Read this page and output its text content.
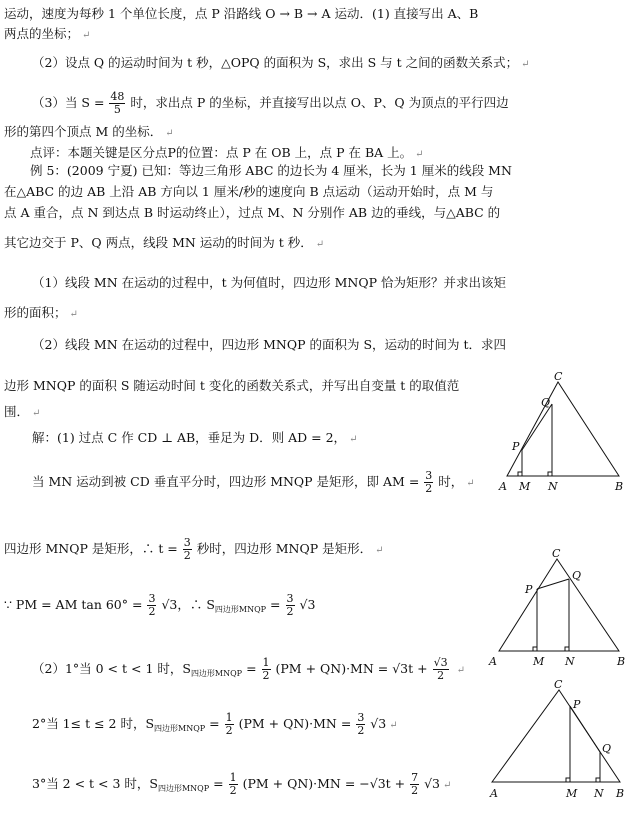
运动，速度为每秒 1 个单位长度，点 P 沿路线 O → B → A 运动．(1) 直接写出 A、B
两点的坐标； ↵
（2）设点 Q 的运动时间为 t 秒，△OPQ 的面积为 S，求出 S 与 t 之间的函数关系式； ↵
（3）当 $S = \frac{48}{5}$ 时，求出点 P 的坐标，并直接写出以点 O、P、Q 为顶点的平行四边
形的第四个顶点 M 的坐标． ↵
点评：本题关键是区分点P的位置：点 P 在 OB 上，点 P 在 BA 上。 ↵
例 5：(2009 宁夏) 已知：等边三角形 ABC 的边长为 4 厘米，长为 1 厘米的线段 MN
在△ABC 的边 AB 上沿 AB 方向以 1 厘米/秒的速度向 B 点运动（运动开始时，点 M 与
点 A 重合，点 N 到达点 B 时运动终止），过点 M、N 分别作 AB 边的垂线，与△ABC 的
其它边交于 P、Q 两点，线段 MN 运动的时间为 t 秒． ↵
（1）线段 MN 在运动的过程中，t 为何值时，四边形 MNQP 恰为矩形？并求出该矩
形的面积； ↵
（2）线段 MN 在运动的过程中，四边形 MNQP 的面积为 S，运动的时间为 t．求四
边形 MNQP 的面积 S 随运动时间 t 变化的函数关系式，并写出自变量 t 的取值范
围． ↵
解：(1) 过点 C 作 CD ⊥ AB，垂足为 D．则 AD = 2， ↵
当 MN 运动到被 CD 垂直平分时，四边形 MNQP 是矩形，即 AM = $\frac{3}{2}$ 时， ↵
四边形 MNQP 是矩形，∴ $t = \frac{3}{2}$ 秒时，四边形 MNQP 是矩形． ↵
∵ PM = AM $\tan 60^\circ = \frac{3}{2} √3$，∴ $S_{四边形MNQP} = \frac{3}{2} √3$
（2）1°当 0 < t < 1 时，$S_{四边形MNQP} = \frac{1}{2} (PM + QN)\cdot MN = √3t + \frac{√3}{2}$ ↵
2°当 1≤ t ≤ 2 时，$S_{四边形MNQP} = \frac{1}{2} (PM + QN)\cdot MN = \frac{3}{2} √3$ ↵
3°当 2 < t < 3 时，$S_{四边形MNQP} = \frac{1}{2} (PM + QN)\cdot MN = -√3t + \frac{7}{2} √3$ ↵
C
Q
P
A M N	B
C
Q
P
A	M N	B
C
P
Q
A	M N B
